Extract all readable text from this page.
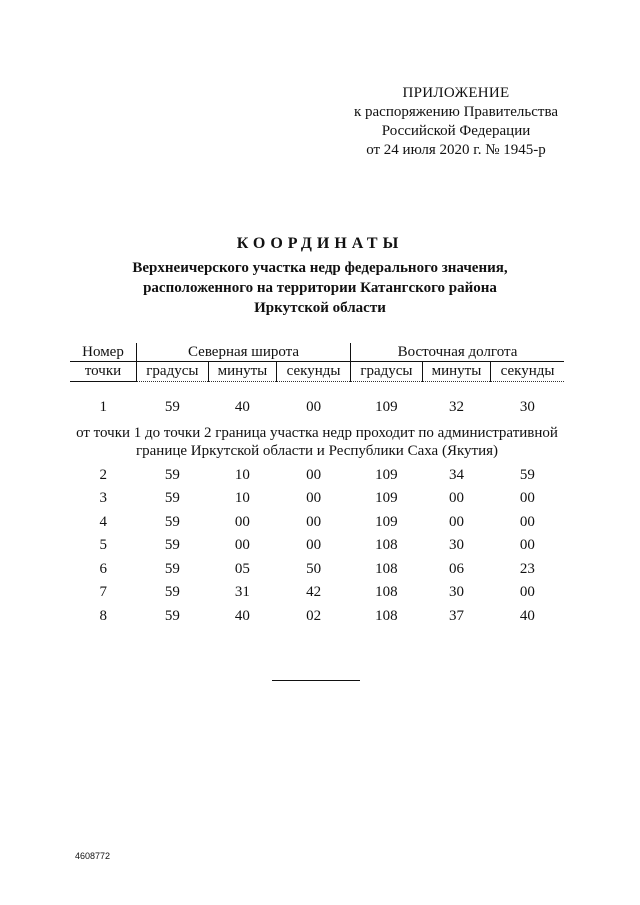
ПРИЛОЖЕНИЕ
к распоряжению Правительства
Российской Федерации
от 24 июля 2020 г. № 1945-р
КООРДИНАТЫ
Верхнеичерского участка недр федерального значения,
расположенного на территории Катангского района
Иркутской области
Номер	Северная широта			Восточная долгота		
точки	градусы	минуты	секунды	градусы	минуты	секунды

1	59	40	00	109	32	30

от точки 1 до точки 2 граница участка недр проходит по административной
границе Иркутской области и Республики Саха (Якутия)						

2	59	10	00	109	34	59
3	59	10	00	109	00	00
4	59	00	00	109	00	00
5	59	00	00	108	30	00
6	59	05	50	108	06	23
7	59	31	42	108	30	00
8	59	40	02	108	37	40
4608772
